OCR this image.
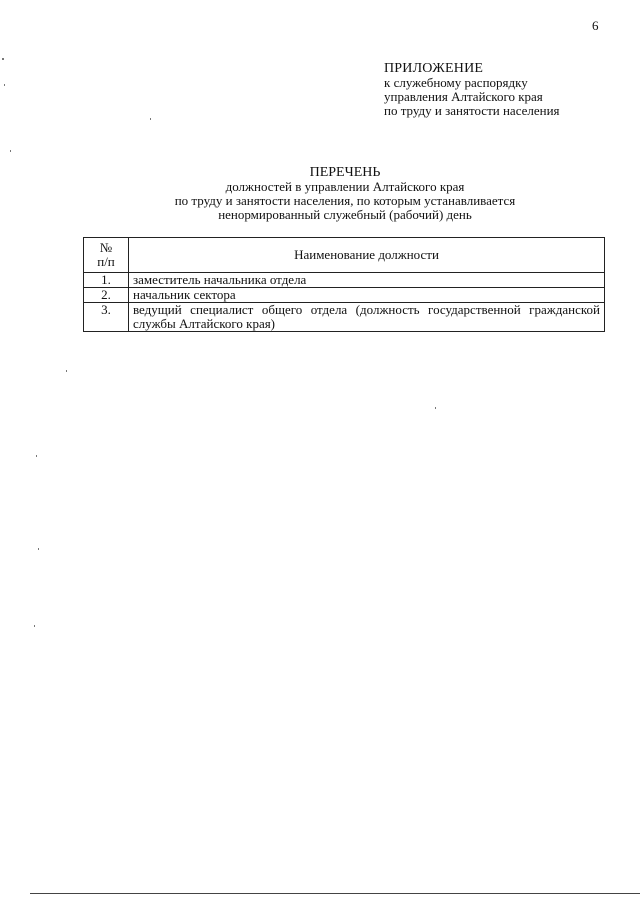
6
ПРИЛОЖЕНИЕ
к служебному распорядку
управления Алтайского края
по труду и занятости населения
ПЕРЕЧЕНЬ
должностей в управлении Алтайского края
по труду и занятости населения, по которым устанавливается
ненормированный служебный (рабочий) день
№
п/п	Наименование должности
1.	заместитель начальника отдела
2.	начальник сектора
3.	ведущий специалист общего отдела (должность государственной гражданской службы Алтайского края)
